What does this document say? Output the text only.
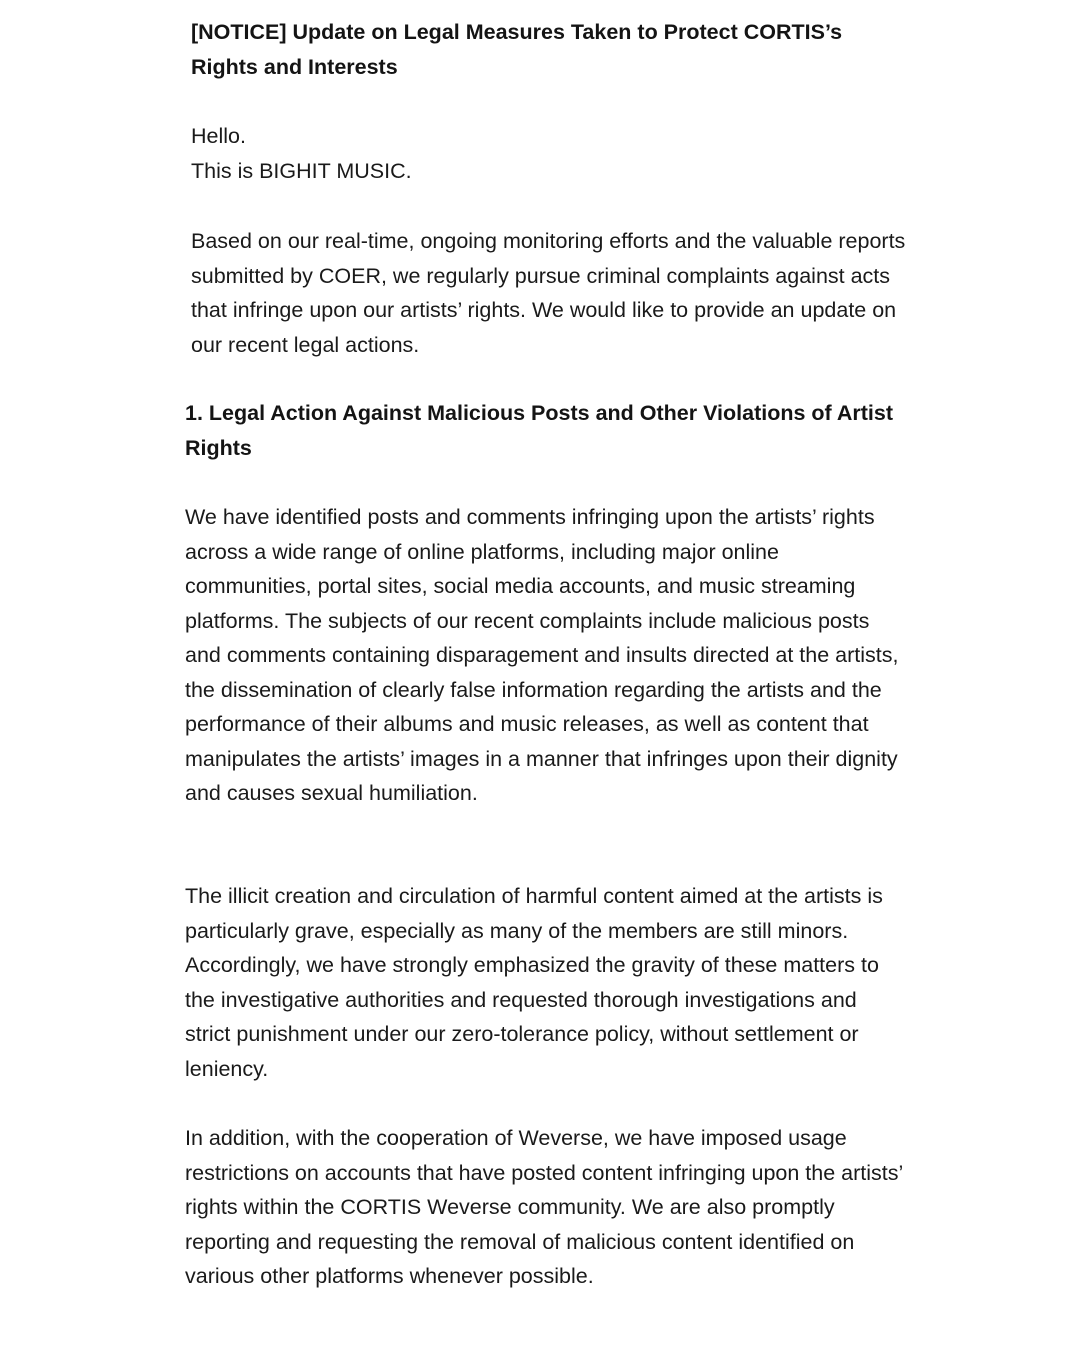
[NOTICE] Update on Legal Measures Taken to Protect CORTIS’s Rights and Interests

Hello.
This is BIGHIT MUSIC.

Based on our real-time, ongoing monitoring efforts and the valuable reports submitted by COER, we regularly pursue criminal complaints against acts that infringe upon our artists’ rights. We would like to provide an update on our recent legal actions.

1. Legal Action Against Malicious Posts and Other Violations of Artist Rights

We have identified posts and comments infringing upon the artists’ rights across a wide range of online platforms, including major online communities, portal sites, social media accounts, and music streaming platforms. The subjects of our recent complaints include malicious posts and comments containing disparagement and insults directed at the artists, the dissemination of clearly false information regarding the artists and the performance of their albums and music releases, as well as content that manipulates the artists’ images in a manner that infringes upon their dignity and causes sexual humiliation.

The illicit creation and circulation of harmful content aimed at the artists is particularly grave, especially as many of the members are still minors. Accordingly, we have strongly emphasized the gravity of these matters to the investigative authorities and requested thorough investigations and strict punishment under our zero-tolerance policy, without settlement or leniency.

In addition, with the cooperation of Weverse, we have imposed usage restrictions on accounts that have posted content infringing upon the artists’ rights within the CORTIS Weverse community. We are also promptly reporting and requesting the removal of malicious content identified on various other platforms whenever possible.
